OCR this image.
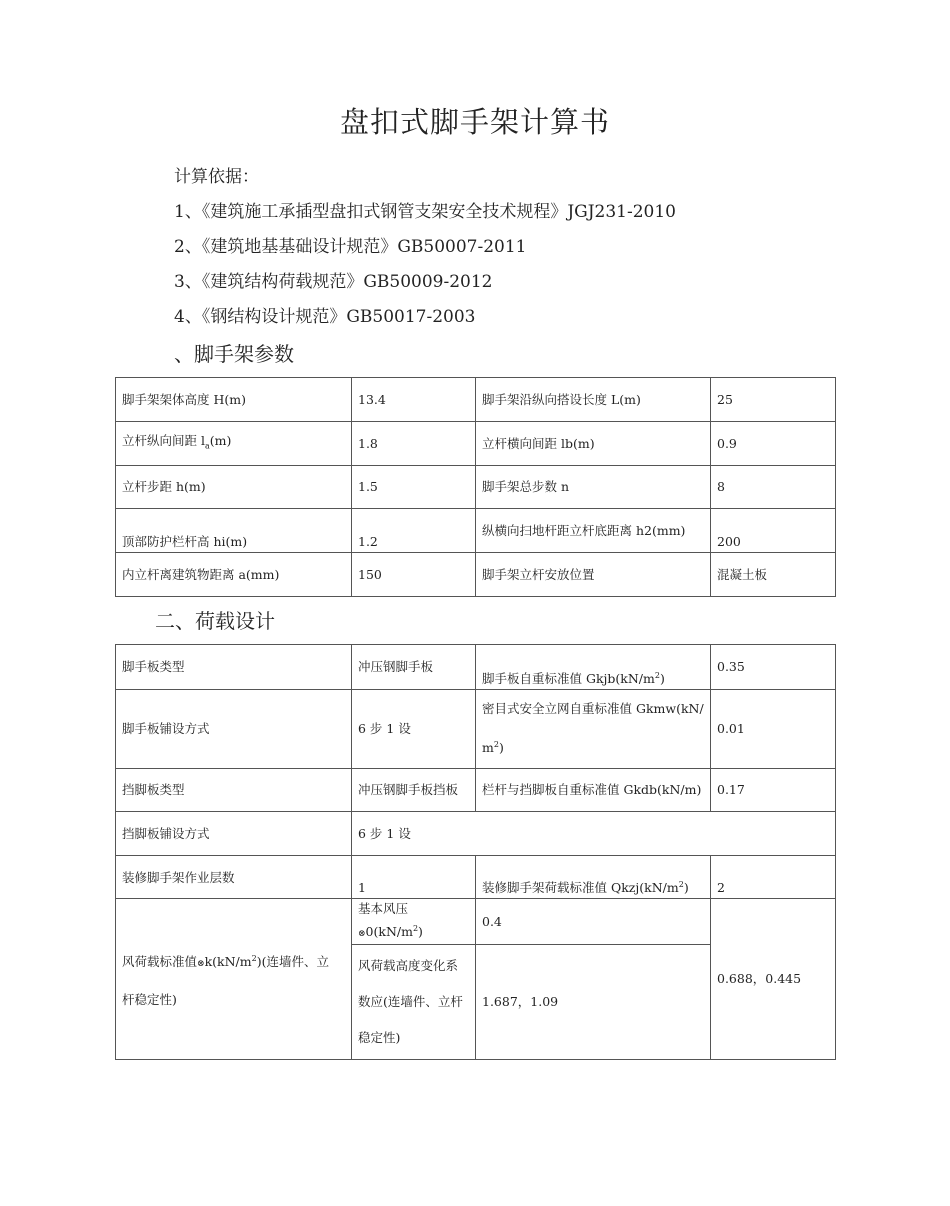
盘扣式脚手架计算书
计算依据：
1、《建筑施工承插型盘扣式钢管支架安全技术规程》JGJ231-2010
2、《建筑地基基础设计规范》GB50007-2011
3、《建筑结构荷载规范》GB50009-2012
4、《钢结构设计规范》GB50017-2003
、脚手架参数
脚手架架体高度 H(m)	13.4	脚手架沿纵向搭设长度 L(m)	25
立杆纵向间距 $l_a(m)$	1.8	立杆横向间距 lb(m)	0.9
立杆步距 h(m)	1.5	脚手架总步数 n	8
顶部防护栏杆高 hi(m)	1.2	纵横向扫地杆距立杆底距离 h2(mm)	200
内立杆离建筑物距离 a(mm)	150	脚手架立杆安放位置	混凝土板
二、荷载设计
脚手板类型	冲压钢脚手板	脚手板自重标准值 $Gkjb(kN/m^2)$	0.35
脚手板铺设方式	6 步 1 设	密目式安全立网自重标准值 Gkmw(kN/
$m^2$)	0.01
挡脚板类型	冲压钢脚手板挡板	栏杆与挡脚板自重标准值 Gkdb(kN/m)	0.17
挡脚板铺设方式	6 步 1 设		
装修脚手架作业层数	1	装修脚手架荷载标准值 $Qkzj(kN/m^2)$	2
风荷载标准值$\otimes k(kN/m^2)$(连墙件、立
杆稳定性)	基本风压$\otimes 0(kN/m^2)$	0.4	0.688，0.445
	风荷载高度变化系
数应(连墙件、立杆
稳定性)	1.687，1.09	
